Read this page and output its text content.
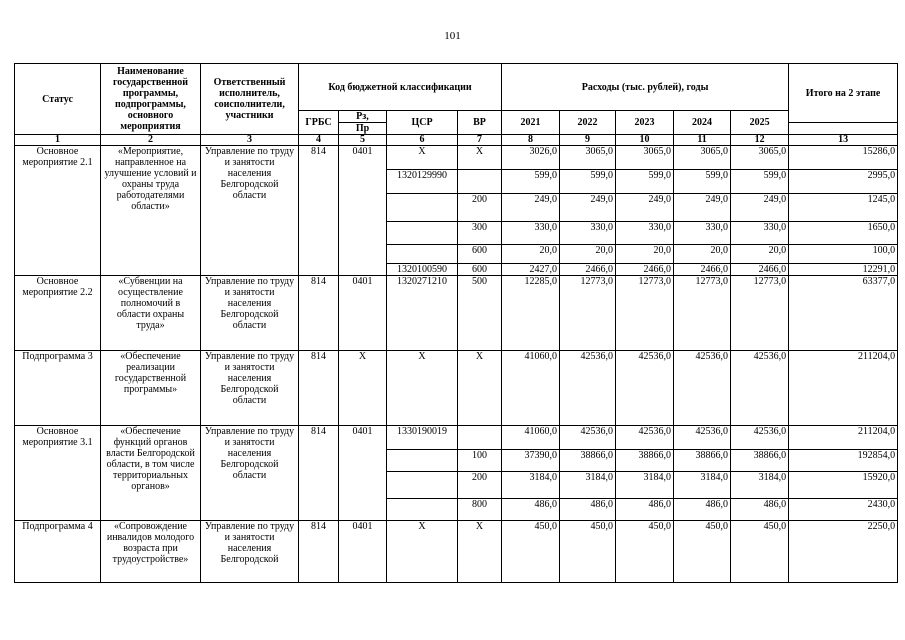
101
Статус	Наименование государственной программы, подпрограммы, основного мероприятия	Ответственный исполнитель, соисполнители, участники	Код бюджетной классификации				Расходы (тыс. рублей), годы					Итого на 2 этапе
			ГРБС	Рз,	ЦСР	ВР	2021	2022	2023	2024	2025	
				Пр								
1	2	3	4	5	6	7	8	9	10	11	12	13
Основное мероприятие 2.1	«Мероприятие, направленное на улучшение условий и охраны труда работодателями области»	Управление по труду и занятости населения Белгородской области	814	0401	Х	Х	3026,0	3065,0	3065,0	3065,0	3065,0	15286,0
					1320129990		599,0	599,0	599,0	599,0	599,0	2995,0
						200	249,0	249,0	249,0	249,0	249,0	1245,0
						300	330,0	330,0	330,0	330,0	330,0	1650,0
						600	20,0	20,0	20,0	20,0	20,0	100,0
					1320100590	600	2427,0	2466,0	2466,0	2466,0	2466,0	12291,0
Основное мероприятие 2.2	«Субвенции на осуществление полномочий в области охраны труда»	Управление по труду и занятости населения Белгородской области	814	0401	1320271210	500	12285,0	12773,0	12773,0	12773,0	12773,0	63377,0
Подпрограмма 3	«Обеспечение реализации государственной программы»	Управление по труду и занятости населения Белгородской области	814	Х	Х	Х	41060,0	42536,0	42536,0	42536,0	42536,0	211204,0
Основное мероприятие 3.1	«Обеспечение функций органов власти Белгородской области, в том числе территориальных органов»	Управление по труду и занятости населения Белгородской области	814	0401	1330190019		41060,0	42536,0	42536,0	42536,0	42536,0	211204,0
						100	37390,0	38866,0	38866,0	38866,0	38866,0	192854,0
						200	3184,0	3184,0	3184,0	3184,0	3184,0	15920,0
						800	486,0	486,0	486,0	486,0	486,0	2430,0
Подпрограмма 4	«Сопровождение инвалидов молодого возраста при трудоустройстве»	Управление по труду и занятости населения Белгородской	814	0401	Х	Х	450,0	450,0	450,0	450,0	450,0	2250,0
